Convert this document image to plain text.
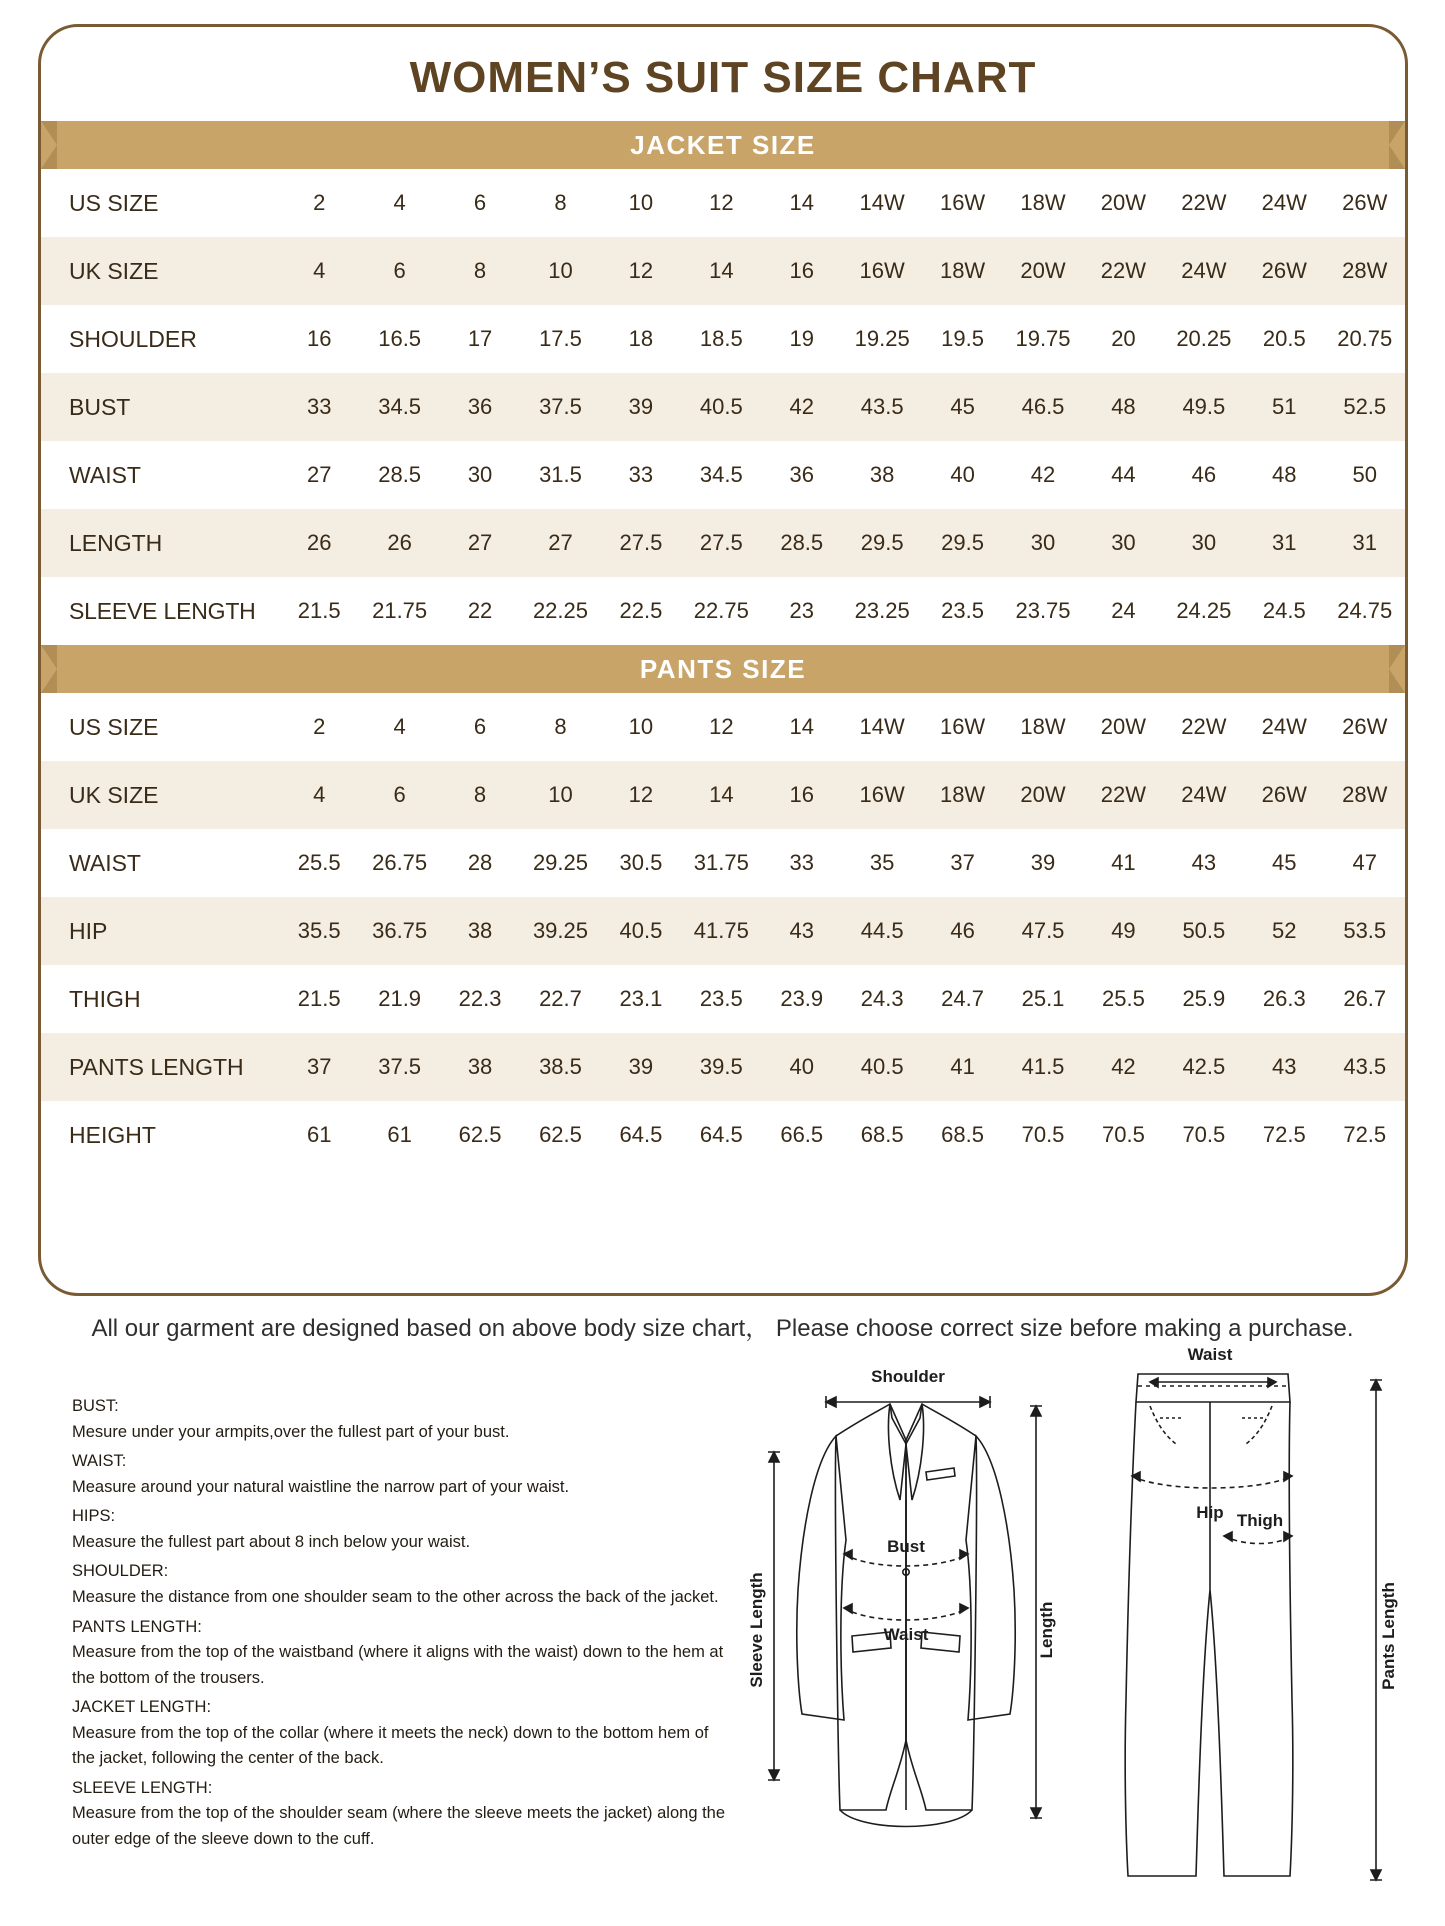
WOMEN’S SUIT SIZE CHART
JACKET SIZE
US SIZE	2	4	6	8	10	12	14	14W	16W	18W	20W	22W	24W	26W
UK SIZE	4	6	8	10	12	14	16	16W	18W	20W	22W	24W	26W	28W
SHOULDER	16	16.5	17	17.5	18	18.5	19	19.25	19.5	19.75	20	20.25	20.5	20.75
BUST	33	34.5	36	37.5	39	40.5	42	43.5	45	46.5	48	49.5	51	52.5
WAIST	27	28.5	30	31.5	33	34.5	36	38	40	42	44	46	48	50
LENGTH	26	26	27	27	27.5	27.5	28.5	29.5	29.5	30	30	30	31	31
SLEEVE LENGTH	21.5	21.75	22	22.25	22.5	22.75	23	23.25	23.5	23.75	24	24.25	24.5	24.75
PANTS SIZE
US SIZE	2	4	6	8	10	12	14	14W	16W	18W	20W	22W	24W	26W
UK SIZE	4	6	8	10	12	14	16	16W	18W	20W	22W	24W	26W	28W
WAIST	25.5	26.75	28	29.25	30.5	31.75	33	35	37	39	41	43	45	47
HIP	35.5	36.75	38	39.25	40.5	41.75	43	44.5	46	47.5	49	50.5	52	53.5
THIGH	21.5	21.9	22.3	22.7	23.1	23.5	23.9	24.3	24.7	25.1	25.5	25.9	26.3	26.7
PANTS LENGTH	37	37.5	38	38.5	39	39.5	40	40.5	41	41.5	42	42.5	43	43.5
HEIGHT	61	61	62.5	62.5	64.5	64.5	66.5	68.5	68.5	70.5	70.5	70.5	72.5	72.5
All our garment are designed based on above body size chart， Please choose correct size before making a purchase.
BUST:
Mesure under your armpits,over the fullest part of your bust.
WAIST:
Measure around your natural waistline the narrow part of your waist.
HIPS:
Measure the fullest part about 8 inch below your waist.
SHOULDER:
Measure the distance from one shoulder seam to the other across the back of the jacket.
PANTS LENGTH:
Measure from the top of the waistband (where it aligns with the waist) down to the hem at the bottom of the trousers.
JACKET LENGTH:
Measure from the top of the collar (where it meets the neck) down to the bottom hem of the jacket, following the center of the back.
SLEEVE LENGTH:
Measure from the top of the shoulder seam (where the sleeve meets the jacket) along the outer edge of the sleeve down to the cuff.
Shoulder
Bust
Waist	Length
Sleeve Length
Waist
Hip Thigh
Pants Length
